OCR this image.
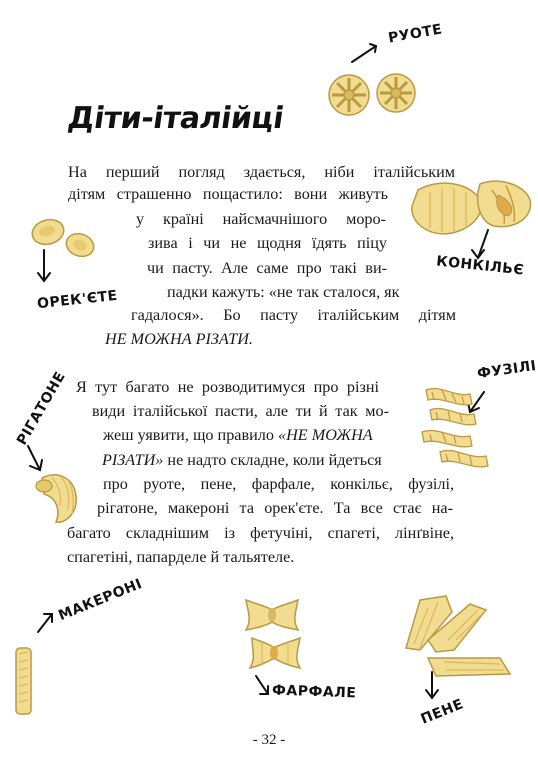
Діти-італійці
На перший погляд здається, ніби італійським
дітям страшенно пощастило: вони живуть
у країні найсмачнішого моро-
зива і чи не щодня їдять піцу
чи пасту. Але саме про такі ви-
падки кажуть: «не так сталося, як
гадалося». Бо пасту італійським дітям
НЕ МОЖНА РІЗАТИ.
Я тут багато не розводитимуся про різні
види італійської пасти, але ти й так мо-
жеш уявити, що правило «НЕ МОЖНА
РІЗАТИ» не надто складне, коли йдеться
про руоте, пене, фарфале, конкільє, фузілі,
рігатоне, макероні та орек'єте. Та все стає на-
багато складнішим із фетучіні, спагеті, лінґвіне,
спагетіні, папарделе й тальятеле.
- 32 -
РУОТЕ
КОНКІЛЬЄ
ОРЕК'ЄТЕ
ФУЗІЛІ
РІГАТОНЕ
МАКЕРОНІ
ФАРФАЛЕ
ПЕНЕ
